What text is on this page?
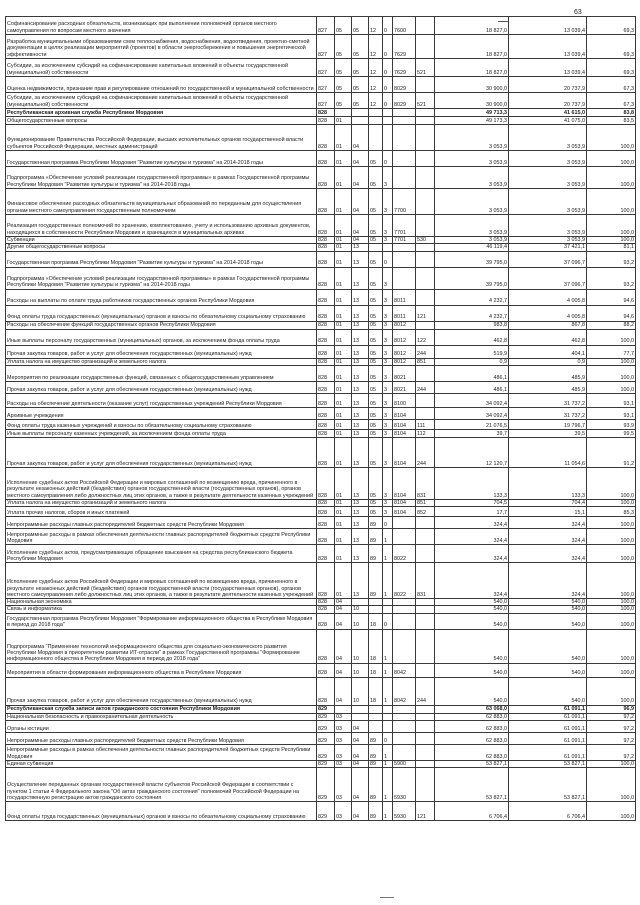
63
Софинансирование расходных обязательств, возникающих при выполнении полномочий органов местного самоуправления по вопросам местного значения	827	05	05	12	0	7600		18 827,0	13 039,4	69,3
Разработка муниципальными образованиями схем теплоснабжения, водоснабжения, водоотведения, проектно-сметной документации в целях реализации мероприятий (проектов) в области энергосбережения и повышения энергетической эффективности	827	05	05	12	0	7629		18 827,0	13 039,4	69,3
Субсидии, за исключением субсидий на софинансирование капитальных вложений в объекты государственной (муниципальной) собственности	827	05	05	12	0	7629	521	18 827,0	13 039,4	69,3
Оценка недвижимости, признание прав и регулирование отношений по государственной и муниципальной собственности	827	05	05	12	0	8029		30 900,0	20 737,9	67,3
Субсидии, за исключением субсидий на софинансирование капитальных вложений в объекты государственной (муниципальной) собственности	827	05	05	12	0	8029	521	30 900,0	20 737,9	67,3
Республиканская архивная служба Республики Мордовия	828							49 713,3	41 615,0	83,8
Общегосударственные вопросы	828	01						49 173,3	41 075,0	83,5
Функционирование Правительства Российской Федерации, высших исполнительных органов государственной власти субъектов Российской Федерации, местных администраций	828	01	04					3 053,9	3 053,9	100,0
Государственная программа Республики Мордовия "Развитие культуры и туризма" на 2014-2018 годы	828	01	04	05	0			3 053,9	3 053,9	100,0
Подпрограмма «Обеспечение условий реализации государственной программы» в рамках Государственной программы Республики Мордовия "Развитие культуры и туризма" на 2014-2018 годы	828	01	04	05	3			3 053,9	3 053,9	100,0
Финансовое обеспечение расходных обязательств муниципальных образований по переданным для осуществления органам местного самоуправления государственным полномочиям	828	01	04	05	3	7700		3 053,9	3 053,9	100,0
Реализация государственных полномочий по хранению, комплектованию, учету и использованию архивных документов, находящихся в собственности Республики Мордовия и хранящихся в муниципальных архивах	828	01	04	05	3	7701		3 053,9	3 053,9	100,0
Субвенции	828	01	04	05	3	7701	530	3 053,9	3 053,9	100,0
Другие общегосударственные вопросы	828	01	13					46 119,4	37 421,1	81,1
Государственная программа Республики Мордовия "Развитие культуры и туризма" на 2014-2018 годы	828	01	13	05	0			39 795,0	37 096,7	93,2
Подпрограмма «Обеспечение условий реализации государственной программы» в рамках Государственной программы Республики Мордовия "Развитие культуры и туризма" на 2014-2018 годы	828	01	13	05	3			39 795,0	37 096,7	93,2
Расходы на выплаты по оплате труда работников государственных органов Республики Мордовия	828	01	13	05	3	8011		4 232,7	4 005,8	94,6
Фонд оплаты труда государственных (муниципальных) органов и взносы по обязательному социальному страхованию	828	01	13	05	3	8011	121	4 232,7	4 005,8	94,6
Расходы на обеспечение функций государственных органов Республики Мордовия	828	01	13	05	3	8012		983,8	867,8	88,2
Иные выплаты персоналу государственных (муниципальных) органов, за исключением фонда оплаты труда	828	01	13	05	3	8012	122	462,8	462,8	100,0
Прочая закупка товаров, работ и услуг для обеспечения государственных (муниципальных) нужд	828	01	13	05	3	8012	244	519,9	404,1	77,7
Уплата налога на имущество организаций и земельного налога	828	01	13	05	3	8012	851	0,9	0,9	100,0
Мероприятия по реализации государственных функций, связанных с общегосударственным управлением	828	01	13	05	3	8021		486,1	485,9	100,0
Прочая закупка товаров, работ и услуг для обеспечения государственных (муниципальных) нужд	828	01	13	05	3	8021	244	486,1	485,9	100,0
Расходы на обеспечение деятельности (оказание услуг) государственных учреждений Республики Мордовия	828	01	13	05	3	8100		34 092,4	31 737,2	93,1
Архивные учреждения	828	01	13	05	3	8104		34 092,4	31 737,2	93,1
Фонд оплаты труда казенных учреждений и взносы по обязательному социальному страхованию	828	01	13	05	3	8104	111	21 076,5	19 796,7	93,9
Иные выплаты персоналу казенных учреждений, за исключением фонда оплаты труда	828	01	13	05	3	8104	112	39,7	39,5	99,5
Прочая закупка товаров, работ и услуг для обеспечения государственных (муниципальных) нужд	828	01	13	05	3	8104	244	12 120,7	11 054,6	91,2
Исполнение судебных актов Российской Федерации и мировых соглашений по возмещению вреда, причиненного в результате незаконных действий (бездействия) органов государственной власти (государственных органов), органов местного самоуправления либо должностных лиц этих органов, а также в результате деятельности казенных учреждений	828	01	13	05	3	8104	831	133,3	133,3	100,0
Уплата налога на имущество организаций и земельного налога	828	01	13	05	3	8104	851	704,5	704,4	100,0
Уплата прочих налогов, сборов и иных платежей	828	01	13	05	3	8104	852	17,7	15,1	85,3
Непрограммные расходы главных распорядителей бюджетных средств Республики Мордовия	828	01	13	89	0			324,4	324,4	100,0
Непрограммные расходы в рамках обеспечения деятельности главных распорядителей бюджетных средств Республики Мордовия	828	01	13	89	1			324,4	324,4	100,0
Исполнение судебных актов, предусматривающих обращение взыскания на средства республиканского бюджета Республики Мордовия	828	01	13	89	1	8022		324,4	324,4	100,0
Исполнение судебных актов Российской Федерации и мировых соглашений по возмещению вреда, причиненного в результате незаконных действий (бездействия) органов государственной власти (государственных органов), органов местного самоуправления либо должностных лиц этих органов, а также в результате деятельности казенных учреждений	828	01	13	89	1	8022	831	324,4	324,4	100,0
Национальная экономика	828	04						540,0	540,0	100,0
Связь и информатика	828	04	10					540,0	540,0	100,0
Государственная программа Республики Мордовия "Формирование информационного общества в Республике Мордовия в период до 2018 года"	828	04	10	18	0			540,0	540,0	100,0
Подпрограмма "Применение технологий информационного общества для социально-экономического развития Республики Мордовия в приоритетном развитии ИТ-отрасли" в рамках Государственной программы "Формирование информационного общества в Республике Мордовия в период до 2018 года"	828	04	10	18	1			540,0	540,0	100,0
Мероприятия в области формирования информационного общества в Республике Мордовия	828	04	10	18	1	8042		540,0	540,0	100,0
Прочая закупка товаров, работ и услуг для обеспечения государственных (муниципальных) нужд	828	04	10	18	1	8042	244	540,0	540,0	100,0
Республиканская служба записи актов гражданского состояния Республики Мордовия	829							63 068,0	61 091,1	96,9
Национальная безопасность и правоохранительная деятельность	829	03						62 883,0	61 091,1	97,2
Органы юстиции	829	03	04					62 883,0	61 091,1	97,2
Непрограммные расходы главных распорядителей бюджетных средств Республики Мордовия	829	03	04	89	0			62 883,0	61 091,1	97,2
Непрограммные расходы в рамках обеспечения деятельности главных распорядителей бюджетных средств Республики Мордовия	829	03	04	89	1			62 883,0	61 091,1	97,2
Единая субвенция	829	03	04	89	1	5900		53 827,1	53 827,1	100,0
Осуществление переданных органам государственной власти субъектов Российской Федерации в соответствии с пунктом 1 статьи 4 Федерального закона "Об актах гражданского состояния" полномочий Российской Федерации на государственную регистрацию актов гражданского состояния	829	03	04	89	1	5930		53 827,1	53 827,1	100,0
Фонд оплаты труда государственных (муниципальных) органов и взносы по обязательному социальному страхованию	829	03	04	89	1	5930	121	6 706,4	6 706,4	100,0
